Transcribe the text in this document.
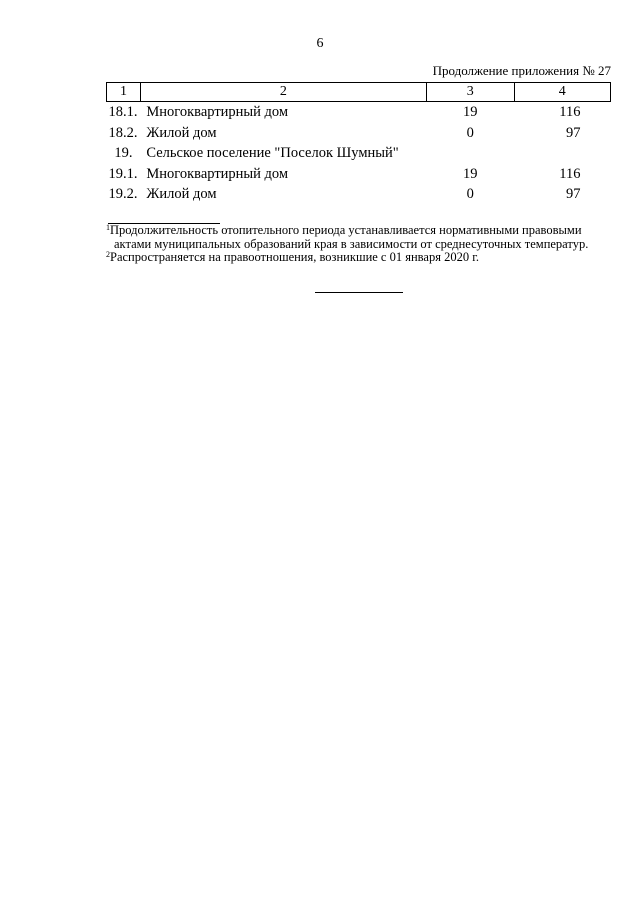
6
Продолжение приложения № 27
1	2	3	4
18.1.	Многоквартирный дом	19	116
18.2.	Жилой дом	0	97
19.	Сельское поселение "Поселок Шумный"		
19.1.	Многоквартирный дом	19	116
19.2.	Жилой дом	0	97
$^1$Продолжительность отопительного периода устанавливается нормативными правовыми
актами муниципальных образований края в зависимости от среднесуточных температур.
$^2$Распространяется на правоотношения, возникшие с 01 января 2020 г.
